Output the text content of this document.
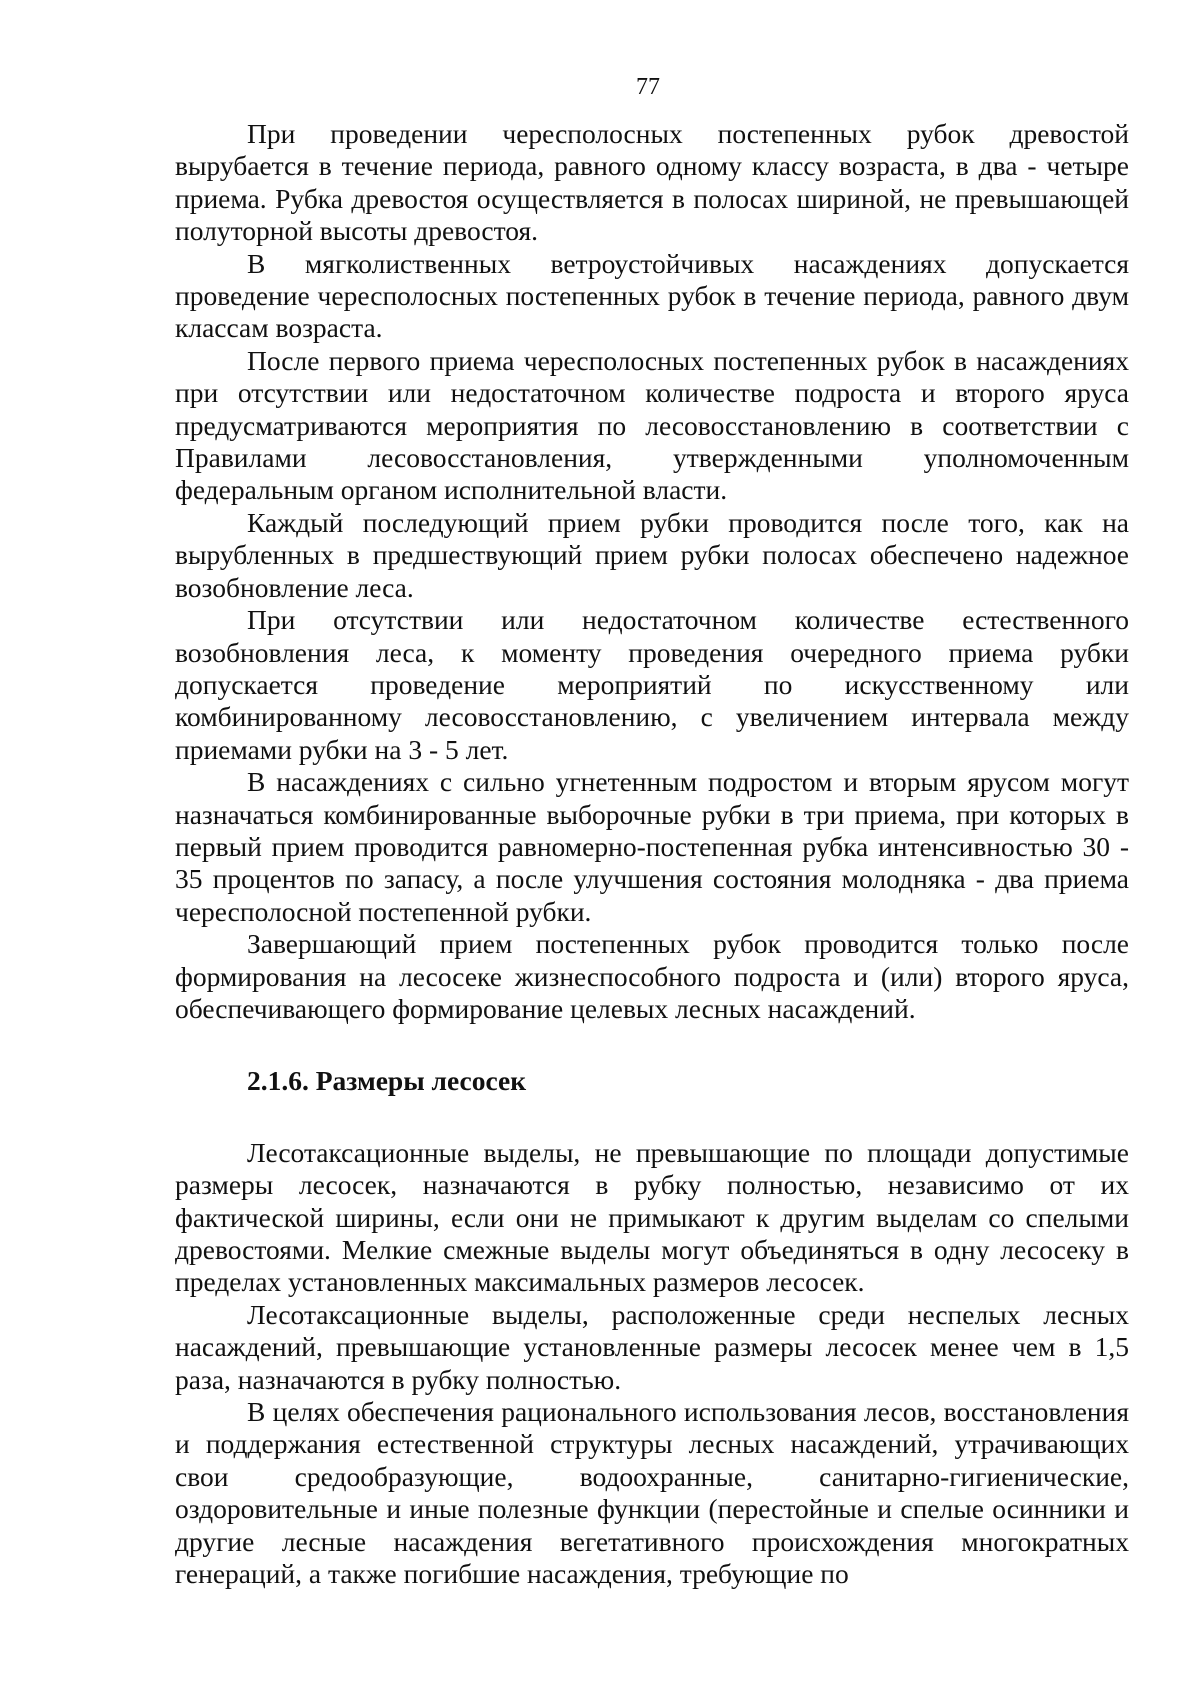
77

При проведении чересполосных постепенных рубок древостой вырубается в течение периода, равного одному классу возраста, в два - четыре приема. Рубка древостоя осуществляется в полосах шириной, не превышающей полуторной высоты древостоя.

В мягколиственных ветроустойчивых насаждениях допускается проведение чересполосных постепенных рубок в течение периода, равного двум классам возраста.

После первого приема чересполосных постепенных рубок в насаждениях при отсутствии или недостаточном количестве подроста и второго яруса предусматриваются мероприятия по лесовосстановлению в соответствии с Правилами лесовосстановления, утвержденными уполномоченным федеральным органом исполнительной власти.

Каждый последующий прием рубки проводится после того, как на вырубленных в предшествующий прием рубки полосах обеспечено надежное возобновление леса.

При отсутствии или недостаточном количестве естественного возобновления леса, к моменту проведения очередного приема рубки допускается проведение мероприятий по искусственному или комбинированному лесовосстановлению, с увеличением интервала между приемами рубки на 3 - 5 лет.

В насаждениях с сильно угнетенным подростом и вторым ярусом могут назначаться комбинированные выборочные рубки в три приема, при которых в первый прием проводится равномерно-постепенная рубка интенсивностью 30 - 35 процентов по запасу, а после улучшения состояния молодняка - два приема чересполосной постепенной рубки.

Завершающий прием постепенных рубок проводится только после формирования на лесосеке жизнеспособного подроста и (или) второго яруса, обеспечивающего формирование целевых лесных насаждений.

2.1.6. Размеры лесосек

Лесотаксационные выделы, не превышающие по площади допустимые размеры лесосек, назначаются в рубку полностью, независимо от их фактической ширины, если они не примыкают к другим выделам со спелыми древостоями. Мелкие смежные выделы могут объединяться в одну лесосеку в пределах установленных максимальных размеров лесосек.

Лесотаксационные выделы, расположенные среди неспелых лесных насаждений, превышающие установленные размеры лесосек менее чем в 1,5 раза, назначаются в рубку полностью.

В целях обеспечения рационального использования лесов, восстановления и поддержания естественной структуры лесных насаждений, утрачивающих свои средообразующие, водоохранные, санитарно-гигиенические, оздоровительные и иные полезные функции (перестойные и спелые осинники и другие лесные насаждения вегетативного происхождения многократных генераций, а также погибшие насаждения, требующие по
